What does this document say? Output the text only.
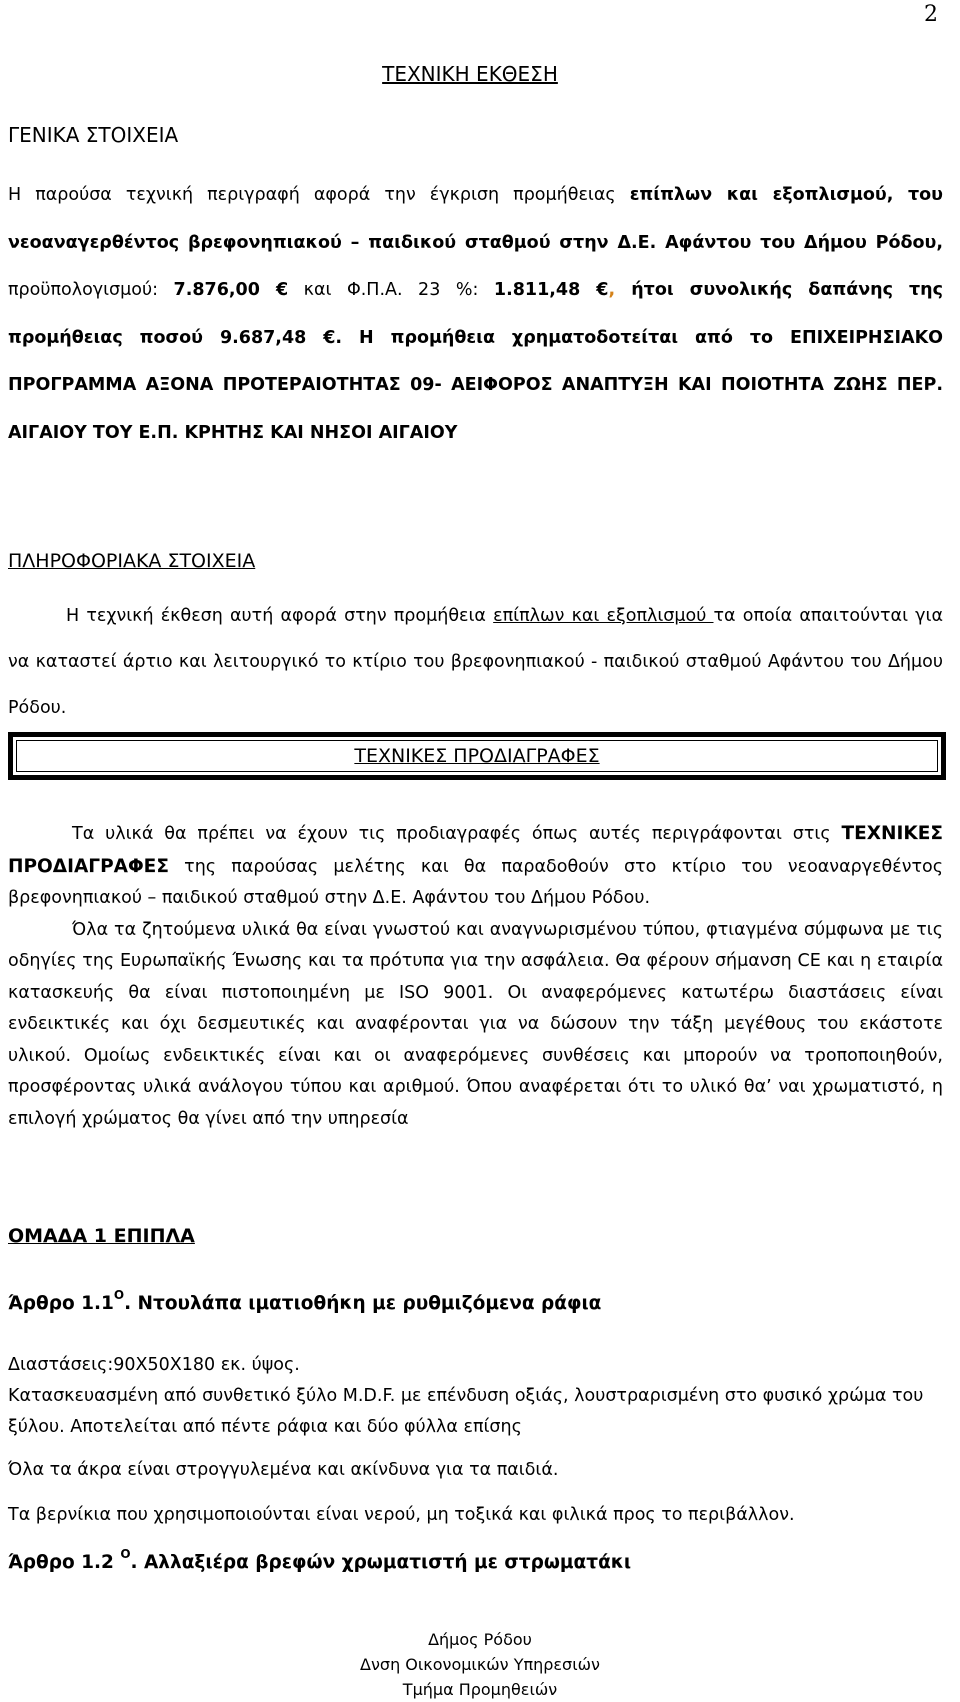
2
ΤΕΧΝΙΚΗ ΕΚΘΕΣΗ
ΓΕΝΙΚΑ ΣΤΟΙΧΕΙΑ
Η παρούσα τεχνική περιγραφή αφορά την έγκριση προμήθειας επίπλων και εξοπλισμού, του νεοαναγερθέντος βρεφονηπιακού – παιδικού σταθμού στην Δ.Ε. Αφάντου του Δήμου Ρόδου, προϋπολογισμού: 7.876,00 € και Φ.Π.Α. 23 %: 1.811,48 €, ήτοι συνολικής δαπάνης της προμήθειας ποσού 9.687,48 €. Η προμήθεια χρηματοδοτείται από το ΕΠΙΧΕΙΡΗΣΙΑΚΟ ΠΡΟΓΡΑΜΜΑ ΑΞΟΝΑ ΠΡΟΤΕΡΑΙΟΤΗΤΑΣ 09- ΑΕΙΦΟΡΟΣ ΑΝΑΠΤΥΞΗ ΚΑΙ ΠΟΙΟΤΗΤΑ ΖΩΗΣ ΠΕΡ. ΑΙΓΑΙΟΥ ΤΟΥ Ε.Π. ΚΡΗΤΗΣ ΚΑΙ ΝΗΣΟΙ ΑΙΓΑΙΟΥ
ΠΛΗΡΟΦΟΡΙΑΚΑ ΣΤΟΙΧΕΙΑ
Η τεχνική έκθεση αυτή αφορά στην προμήθεια επίπλων και εξοπλισμού τα οποία απαιτούνται για να καταστεί άρτιο και λειτουργικό το κτίριο του βρεφονηπιακού - παιδικού σταθμού Αφάντου του Δήμου Ρόδου.
ΤΕΧΝΙΚΕΣ ΠΡΟΔΙΑΓΡΑΦΕΣ

Τα υλικά θα πρέπει να έχουν τις προδιαγραφές όπως αυτές περιγράφονται στις ΤΕΧΝΙΚΕΣ ΠΡΟΔΙΑΓΡΑΦΕΣ της παρούσας μελέτης και θα παραδοθούν στο κτίριο του νεοαναργεθέντος βρεφονηπιακού – παιδικού σταθμού στην Δ.Ε. Αφάντου του Δήμου Ρόδου.

Όλα τα ζητούμενα υλικά θα είναι γνωστού και αναγνωρισμένου τύπου, φτιαγμένα σύμφωνα με τις οδηγίες της Ευρωπαϊκής Ένωσης και τα πρότυπα για την ασφάλεια. Θα φέρουν σήμανση CE και η εταιρία κατασκευής θα είναι πιστοποιημένη με ISO 9001. Οι αναφερόμενες κατωτέρω διαστάσεις είναι ενδεικτικές και όχι δεσμευτικές και αναφέρονται για να δώσουν την τάξη μεγέθους του εκάστοτε υλικού. Ομοίως ενδεικτικές είναι και οι αναφερόμενες συνθέσεις και μπορούν να τροποποιηθούν, προσφέροντας υλικά ανάλογου τύπου και αριθμού. Όπου αναφέρεται ότι το υλικό θα’ ναι χρωματιστό, η επιλογή χρώματος θα γίνει από την υπηρεσία

ΟΜΑΔΑ 1 ΕΠΙΠΛΑ
Άρθρο $1.1^O$. Ντουλάπα ιματιοθήκη με ρυθμιζόμενα ράφια

Διαστάσεις:90Χ50Χ180 εκ. ύψος.

Κατασκευασμένη από συνθετικό ξύλο M.D.F. με επένδυση οξιάς, λουστραρισμένη στο φυσικό χρώμα του ξύλου. Αποτελείται από πέντε ράφια και δύο φύλλα επίσης

Όλα τα άκρα είναι στρογγυλεμένα και ακίνδυνα για τα παιδιά.
Τα βερνίκια που χρησιμοποιούνται είναι νερού, μη τοξικά και φιλικά προς το περιβάλλον.
Άρθρο 1.2 $^O$. Αλλαξιέρα βρεφών χρωματιστή με στρωματάκι
Δήμος Ρόδου
Δνση Οικονομικών Υπηρεσιών
Τμήμα Προμηθειών
